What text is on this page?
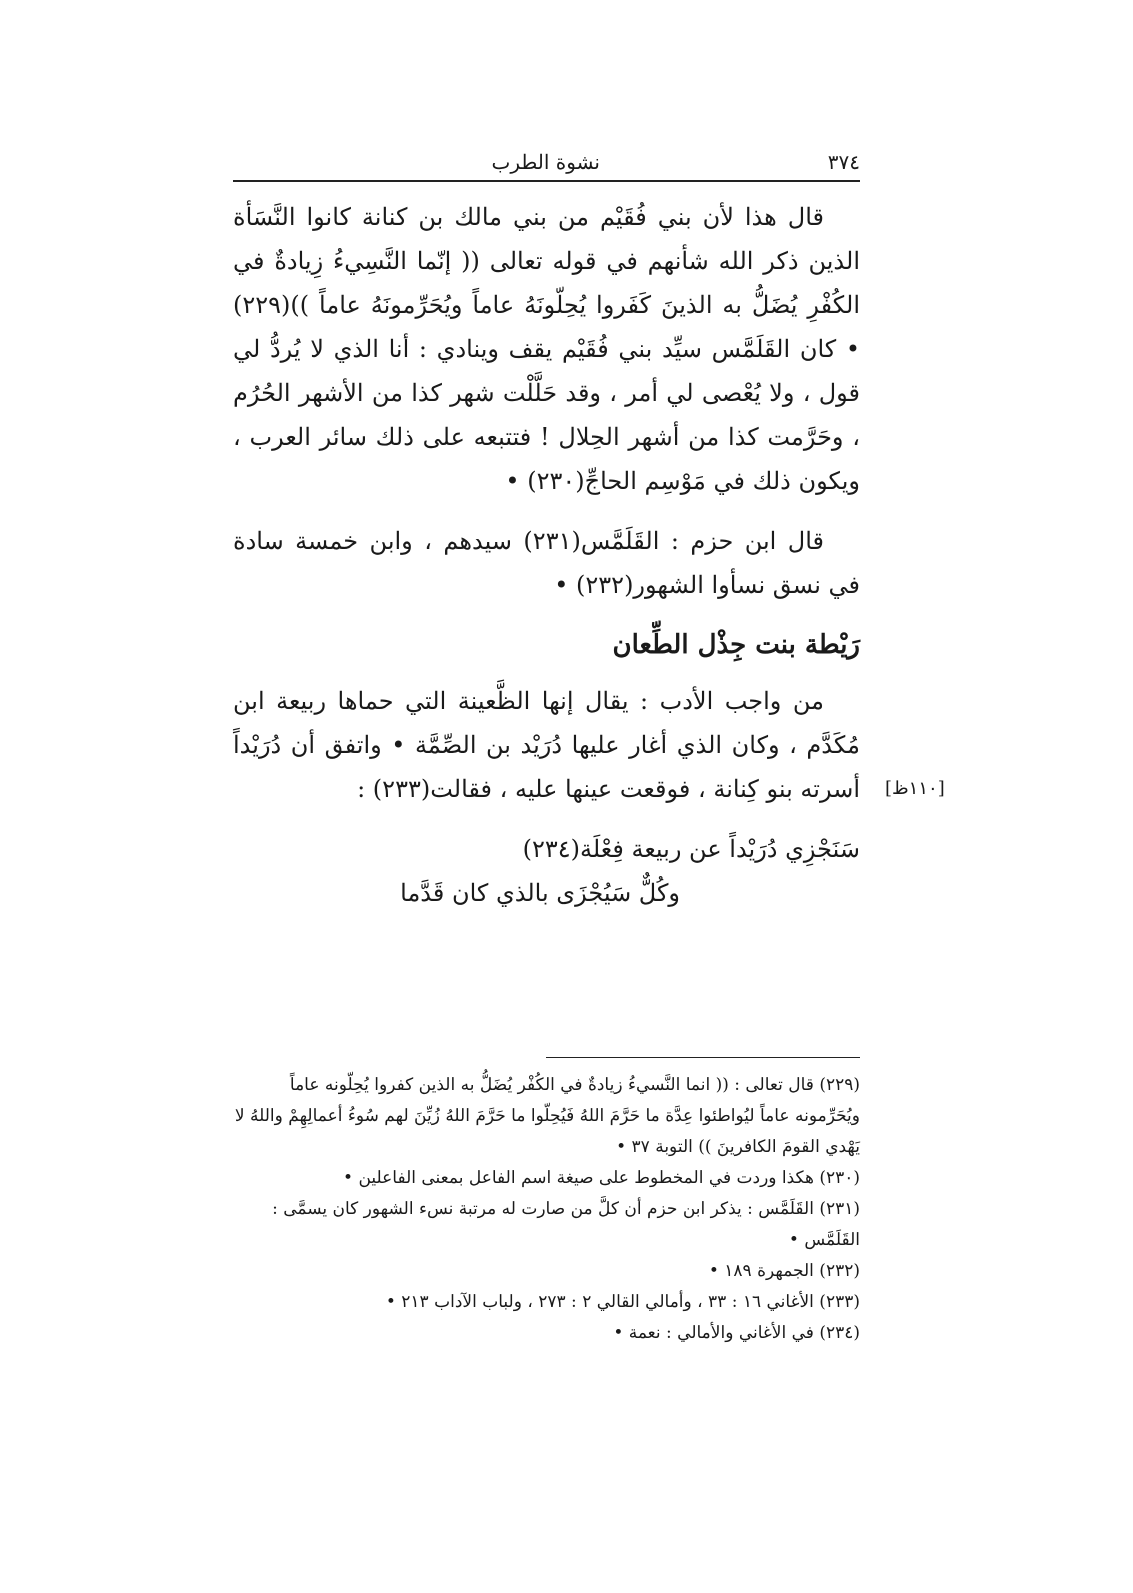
٣٧٤
نشوة الطرب

قال هذا لأن بني فُقَيْم من بني مالك بن كنانة كانوا النَّسَأة الذين ذكر الله شأنهم في قوله تعالى (( إنّما النَّسِيءُ زِيادةٌ في الكُفْرِ يُضَلُّ به الذينَ كَفَروا يُحِلّونَهُ عاماً ويُحَرِّمونَهُ عاماً ))(٢٢٩) • كان القَلَمَّس سيِّد بني فُقَيْم يقف وينادي : أنا الذي لا يُردُّ لي قول ، ولا يُعْصى لي أمر ، وقد حَلَّلْت شهر كذا من الأشهر الحُرُم ، وحَرَّمت كذا من أشهر الحِلال ! فتتبعه على ذلك سائر العرب ، ويكون ذلك في مَوْسِم الحاجِّ(٢٣٠) •

قال ابن حزم : القَلَمَّس(٢٣١) سيدهم ، وابن خمسة سادة في نسق نسأوا الشهور(٢٣٢) •

رَيْطة بنت جِذْل الطِّعان

من واجب الأدب : يقال إنها الظَّعينة التي حماها ربيعة ابن مُكَدَّم ، وكان الذي أغار عليها دُرَيْد بن الصِّمَّة • واتفق أن دُرَيْداً أسرته بنو كِنانة ، فوقعت عينها عليه ، فقالت(٢٣٣) :

سَنَجْزِي دُرَيْداً عن ربيعة فِعْلَة(٢٣٤)

وكُلٌّ سَيُجْزَى بالذي كان قَدَّما

[١١٠ظ]

(٢٢٩) قال تعالى : (( انما النَّسيءُ زيادةٌ في الكُفْر يُضَلُّ به الذين كفروا يُحِلّونه عاماً ويُحَرِّمونه عاماً ليُواطئوا عِدَّة ما حَرَّمَ اللهُ فَيُحِلّوا ما حَرَّمَ اللهُ زُيِّنَ لهم سُوءُ أعمالِهِمْ واللهُ لا يَهْدي القومَ الكافرينَ )) التوبة ٣٧ •

(٢٣٠) هكذا وردت في المخطوط على صيغة اسم الفاعل بمعنى الفاعلين •

(٢٣١) القَلَمَّس : يذكر ابن حزم أن كلَّ من صارت له مرتبة نسء الشهور كان يسمَّى : القَلَمَّس •

(٢٣٢) الجمهرة ١٨٩ •

(٢٣٣) الأغاني ١٦ : ٣٣ ، وأمالي القالي ٢ : ٢٧٣ ، ولباب الآداب ٢١٣ •

(٢٣٤) في الأغاني والأمالي : نعمة •
